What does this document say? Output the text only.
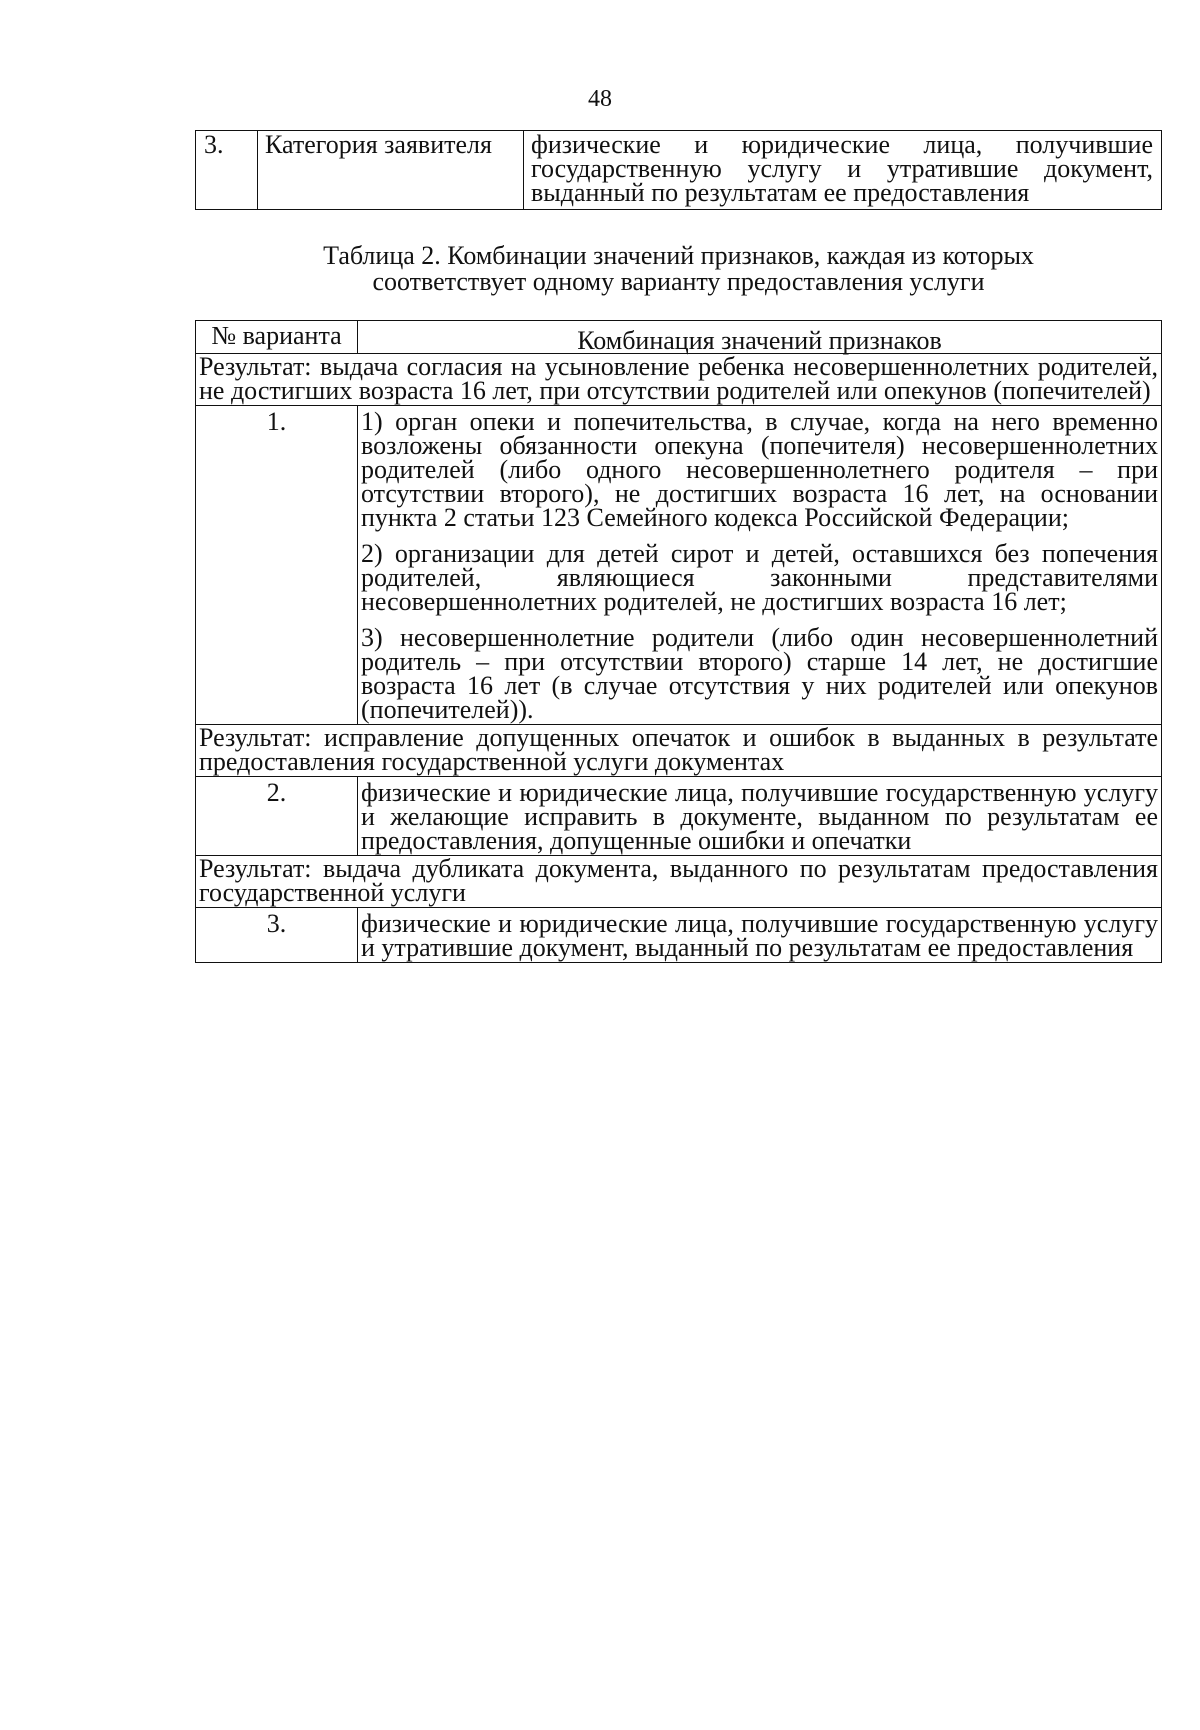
48
3.	Категория заявителя	физические и юридические лица, получившие государственную услугу и утратившие документ, выданный по результатам ее предоставления
Таблица 2. Комбинации значений признаков, каждая из которых
соответствует одному варианту предоставления услуги
№ варианта	Комбинация значений признаков
Результат: выдача согласия на усыновление ребенка несовершеннолетних родителей, не достигших возраста 16 лет, при отсутствии родителей или опекунов (попечителей)	
1.	1) орган опеки и попечительства, в случае, когда на него временно возложены обязанности опекуна (попечителя) несовершеннолетних родителей (либо одного несовершеннолетнего родителя – при отсутствии второго), не достигших возраста 16 лет, на основании пункта 2 статьи 123 Семейного кодекса Российской Федерации;

2) организации для детей сирот и детей, оставшихся без попечения родителей, являющиеся законными представителями несовершеннолетних родителей, не достигших возраста 16 лет;

3) несовершеннолетние родители (либо один несовершеннолетний родитель – при отсутствии второго) старше 14 лет, не достигшие возраста 16 лет (в случае отсутствия у них родителей или опекунов (попечителей)).

Результат: исправление допущенных опечаток и ошибок в выданных в результате предоставления государственной услуги документах	
2.	физические и юридические лица, получившие государственную услугу и желающие исправить в документе, выданном по результатам ее предоставления, допущенные ошибки и опечатки

Результат: выдача дубликата документа, выданного по результатам предоставления государственной услуги	
3.	физические и юридические лица, получившие государственную услугу и утратившие документ, выданный по результатам ее предоставления
